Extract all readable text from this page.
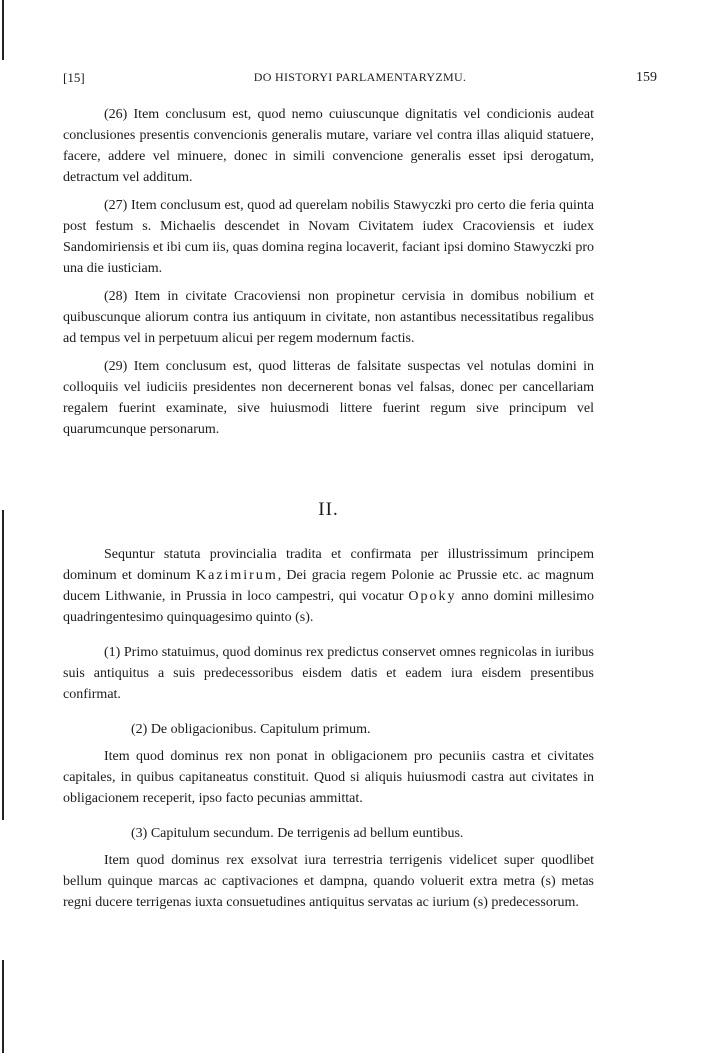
[15]	DO HISTORYI PARLAMENTARYZMU.	159

(26) Item conclusum est, quod nemo cuiuscunque dignitatis vel condicionis audeat conclusiones presentis convencionis generalis mutare, variare vel contra illas aliquid statuere, facere, addere vel minuere, donec in simili convencione generalis esset ipsi derogatum, detractum vel additum.

(27) Item conclusum est, quod ad querelam nobilis Stawyczki pro certo die feria quinta post festum s. Michaelis descendet in Novam Civitatem iudex Cracoviensis et iudex Sandomiriensis et ibi cum iis, quas domina regina locaverit, faciant ipsi domino Stawyczki pro una die iusticiam.

(28) Item in civitate Cracoviensi non propinetur cervisia in domibus nobilium et quibuscunque aliorum contra ius antiquum in civitate, non astantibus necessitatibus regalibus ad tempus vel in perpetuum alicui per regem modernum factis.

(29) Item conclusum est, quod litteras de falsitate suspectas vel notulas domini in colloquiis vel iudiciis presidentes non decernerent bonas vel falsas, donec per cancellariam regalem fuerint examinate, sive huiusmodi littere fuerint regum sive principum vel quarumcunque personarum.

II.

Sequntur statuta provincialia tradita et confirmata per illustrissimum principem dominum et dominum Kazimirum, Dei gracia regem Polonie ac Prussie etc. ac magnum ducem Lithwanie, in Prussia in loco campestri, qui vocatur Opoky anno domini millesimo quadringentesimo quinquagesimo quinto (s).

(1) Primo statuimus, quod dominus rex predictus conservet omnes regnicolas in iuribus suis antiquitus a suis predecessoribus eisdem datis et eadem iura eisdem presentibus confirmat.

(2) De obligacionibus. Capitulum primum.

Item quod dominus rex non ponat in obligacionem pro pecuniis castra et civitates capitales, in quibus capitaneatus constituit. Quod si aliquis huiusmodi castra aut civitates in obligacionem receperit, ipso facto pecunias ammittat.

(3) Capitulum secundum. De terrigenis ad bellum euntibus.

Item quod dominus rex exsolvat iura terrestria terrigenis videlicet super quodlibet bellum quinque marcas ac captivaciones et dampna, quando voluerit extra metra (s) metas regni ducere terrigenas iuxta consuetudines antiquitus servatas ac iurium (s) predecessorum.
